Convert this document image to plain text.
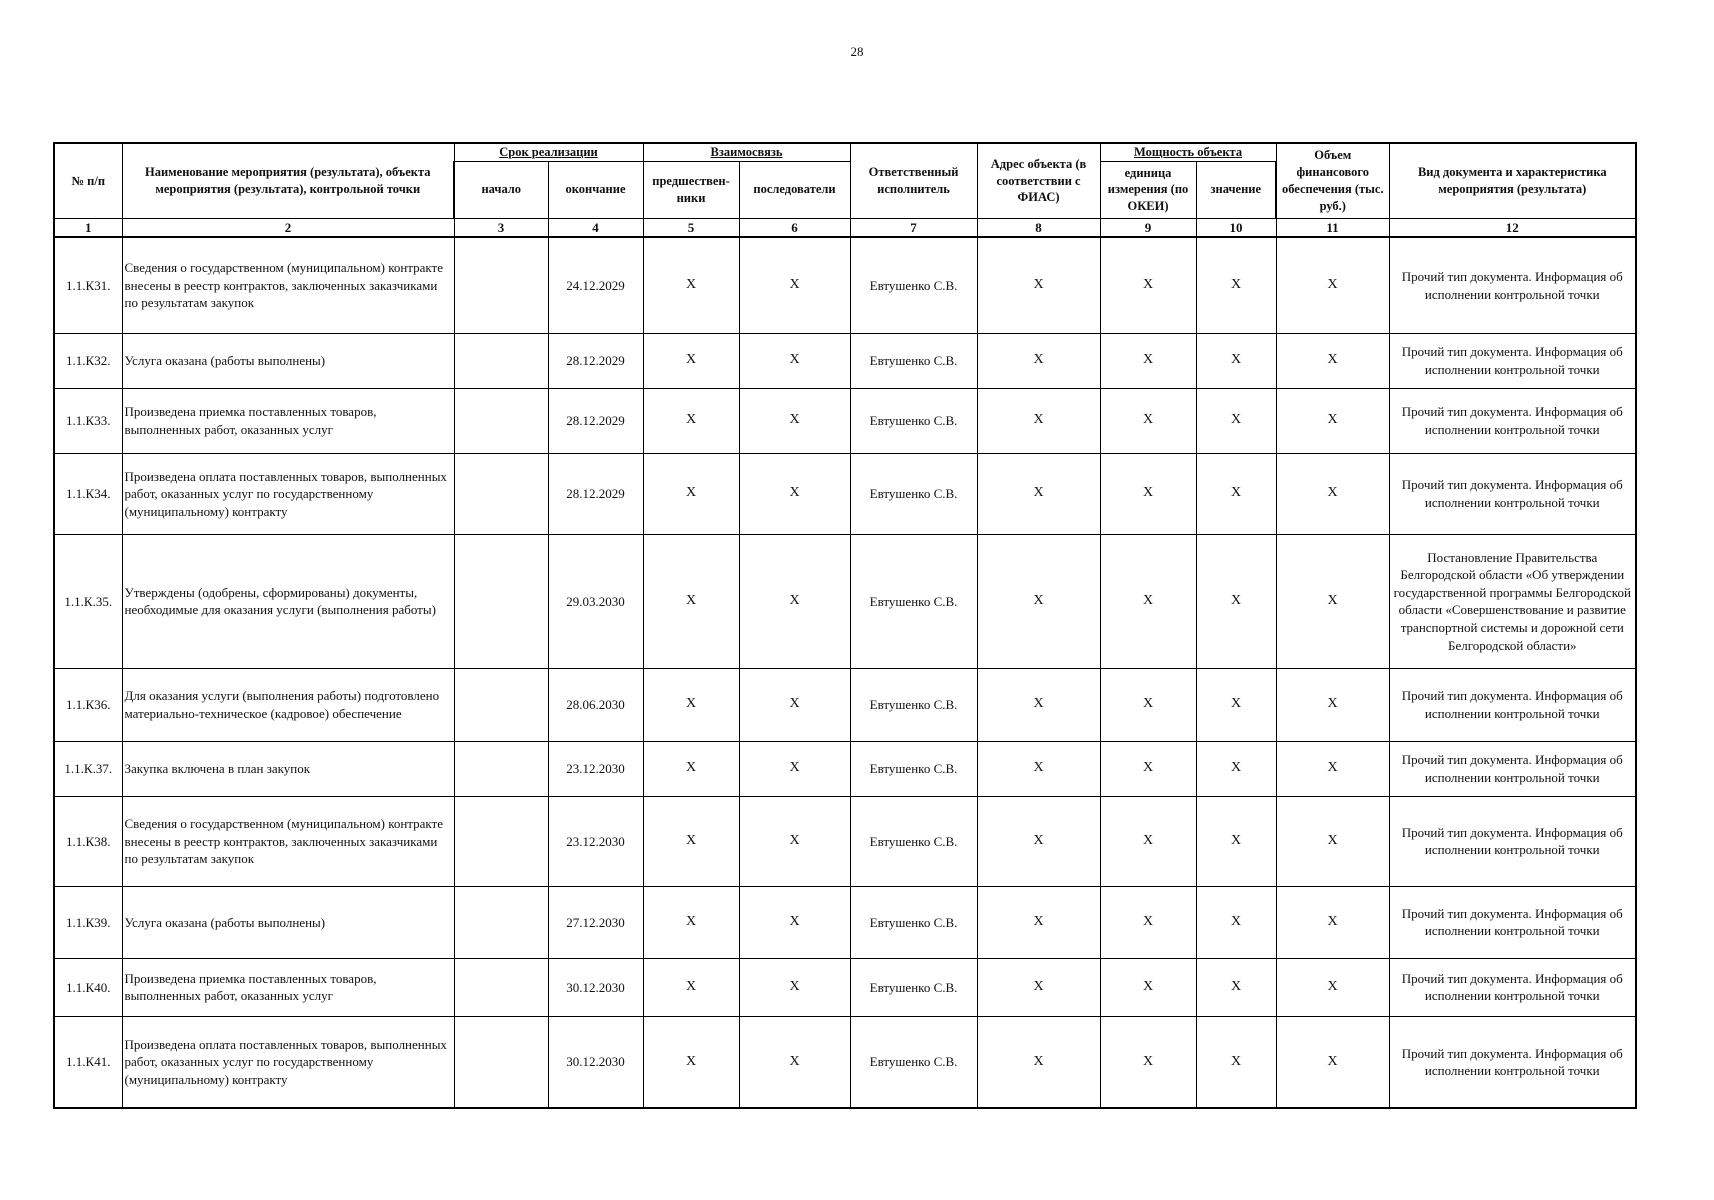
28
№ п/п	Наименование мероприятия (результата), объекта мероприятия (результата), контрольной точки	Срок реализации		Взаимосвязь		Ответственный исполнитель	Адрес объекта (в соответствии с ФИАС)	Мощность объекта		Объем финансового обеспечения (тыс. руб.)	Вид документа и характеристика мероприятия (результата)
		начало	окончание	предшествен-ники	последователи			единица измерения (по ОКЕИ)	значение		
1	2	3	4	5	6	7	8	9	10	11	12
1.1.К31.	Сведения о государственном (муниципальном) контракте внесены в реестр контрактов, заключенных заказчиками по результатам закупок		24.12.2029	X	X	Евтушенко С.В.	X	X	X	X	Прочий тип документа. Информация об исполнении контрольной точки
1.1.К32.	Услуга оказана (работы выполнены)		28.12.2029	X	X	Евтушенко С.В.	X	X	X	X	Прочий тип документа. Информация об исполнении контрольной точки
1.1.К33.	Произведена приемка поставленных товаров, выполненных работ, оказанных услуг		28.12.2029	X	X	Евтушенко С.В.	X	X	X	X	Прочий тип документа. Информация об исполнении контрольной точки
1.1.К34.	Произведена оплата поставленных товаров, выполненных работ, оказанных услуг по государственному (муниципальному) контракту		28.12.2029	X	X	Евтушенко С.В.	X	X	X	X	Прочий тип документа. Информация об исполнении контрольной точки
1.1.К.35.	Утверждены (одобрены, сформированы) документы, необходимые для оказания услуги (выполнения работы)		29.03.2030	X	X	Евтушенко С.В.	X	X	X	X	Постановление Правительства Белгородской области «Об утверждении государственной программы Белгородской области «Совершенствование и развитие транспортной системы и дорожной сети Белгородской области»
1.1.К36.	Для оказания услуги (выполнения работы) подготовлено материально-техническое (кадровое) обеспечение		28.06.2030	X	X	Евтушенко С.В.	X	X	X	X	Прочий тип документа. Информация об исполнении контрольной точки
1.1.К.37.	Закупка включена в план закупок		23.12.2030	X	X	Евтушенко С.В.	X	X	X	X	Прочий тип документа. Информация об исполнении контрольной точки
1.1.К38.	Сведения о государственном (муниципальном) контракте внесены в реестр контрактов, заключенных заказчиками по результатам закупок		23.12.2030	X	X	Евтушенко С.В.	X	X	X	X	Прочий тип документа. Информация об исполнении контрольной точки
1.1.К39.	Услуга оказана (работы выполнены)		27.12.2030	X	X	Евтушенко С.В.	X	X	X	X	Прочий тип документа. Информация об исполнении контрольной точки
1.1.К40.	Произведена приемка поставленных товаров, выполненных работ, оказанных услуг		30.12.2030	X	X	Евтушенко С.В.	X	X	X	X	Прочий тип документа. Информация об исполнении контрольной точки
1.1.К41.	Произведена оплата поставленных товаров, выполненных работ, оказанных услуг по государственному (муниципальному) контракту		30.12.2030	X	X	Евтушенко С.В.	X	X	X	X	Прочий тип документа. Информация об исполнении контрольной точки
